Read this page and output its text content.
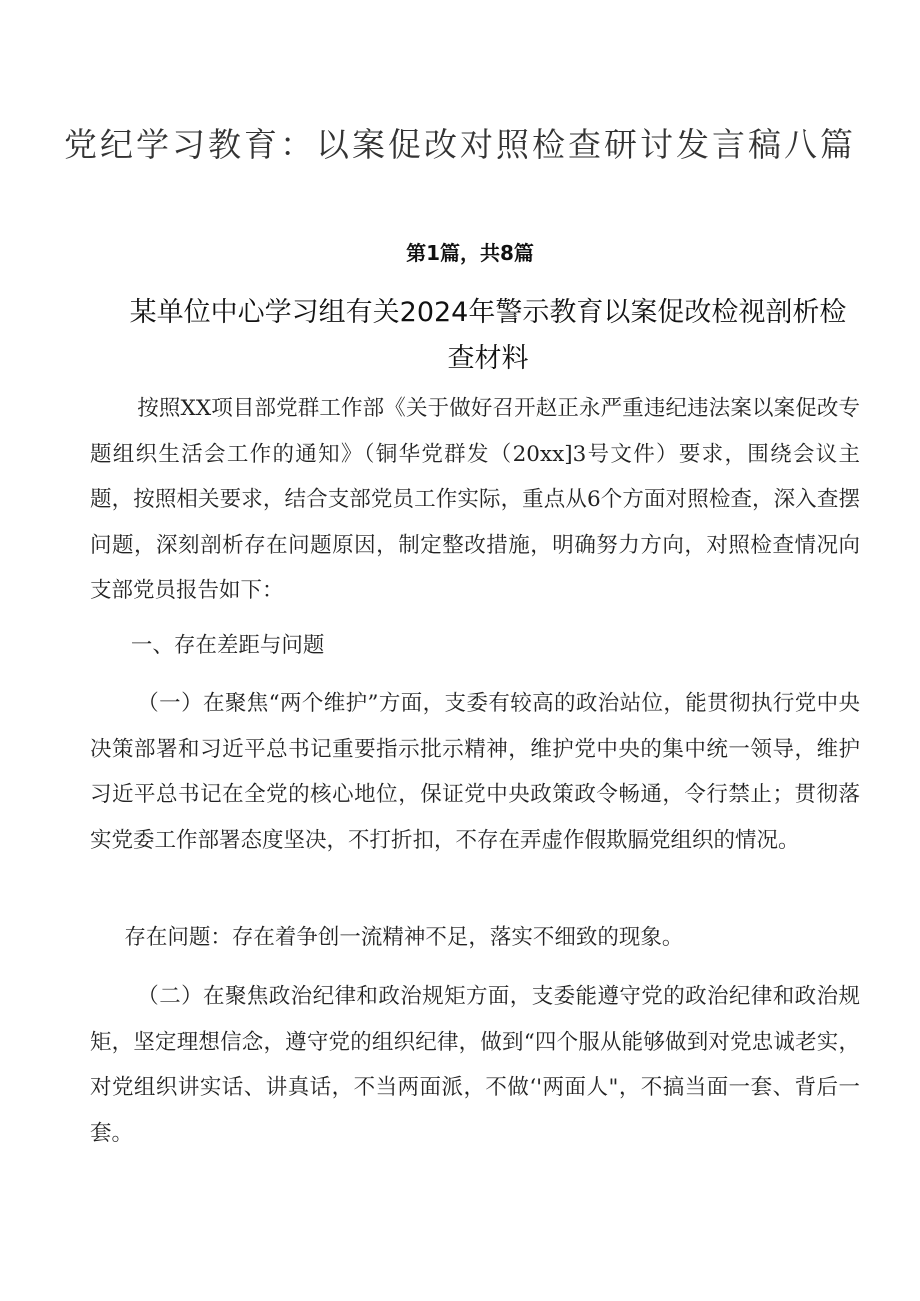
党纪学习教育：以案促改对照检查研讨发言稿八篇
第1篇，共8篇
某单位中心学习组有关2024年警示教育以案促改检视剖析检查材料

按照XX项目部党群工作部《关于做好召开赵正永严重违纪违法案以案促改专题组织生活会工作的通知》（铜华党群发（20xx]3号文件）要求，围绕会议主题，按照相关要求，结合支部党员工作实际，重点从6个方面对照检查，深入查摆问题，深刻剖析存在问题原因，制定整改措施，明确努力方向，对照检查情况向支部党员报告如下：

一、存在差距与问题

（一）在聚焦“两个维护”方面，支委有较高的政治站位，能贯彻执行党中央决策部署和习近平总书记重要指示批示精神，维护党中央的集中统一领导，维护习近平总书记在全党的核心地位，保证党中央政策政令畅通，令行禁止；贯彻落实党委工作部署态度坚决，不打折扣，不存在弄虚作假欺膈党组织的情况。

存在问题：存在着争创一流精神不足，落实不细致的现象。

（二）在聚焦政治纪律和政治规矩方面，支委能遵守党的政治纪律和政治规矩，坚定理想信念，遵守党的组织纪律，做到“四个服从能够做到对党忠诚老实，对党组织讲实话、讲真话，不当两面派，不做‘'两面人"，不搞当面一套、背后一套。
